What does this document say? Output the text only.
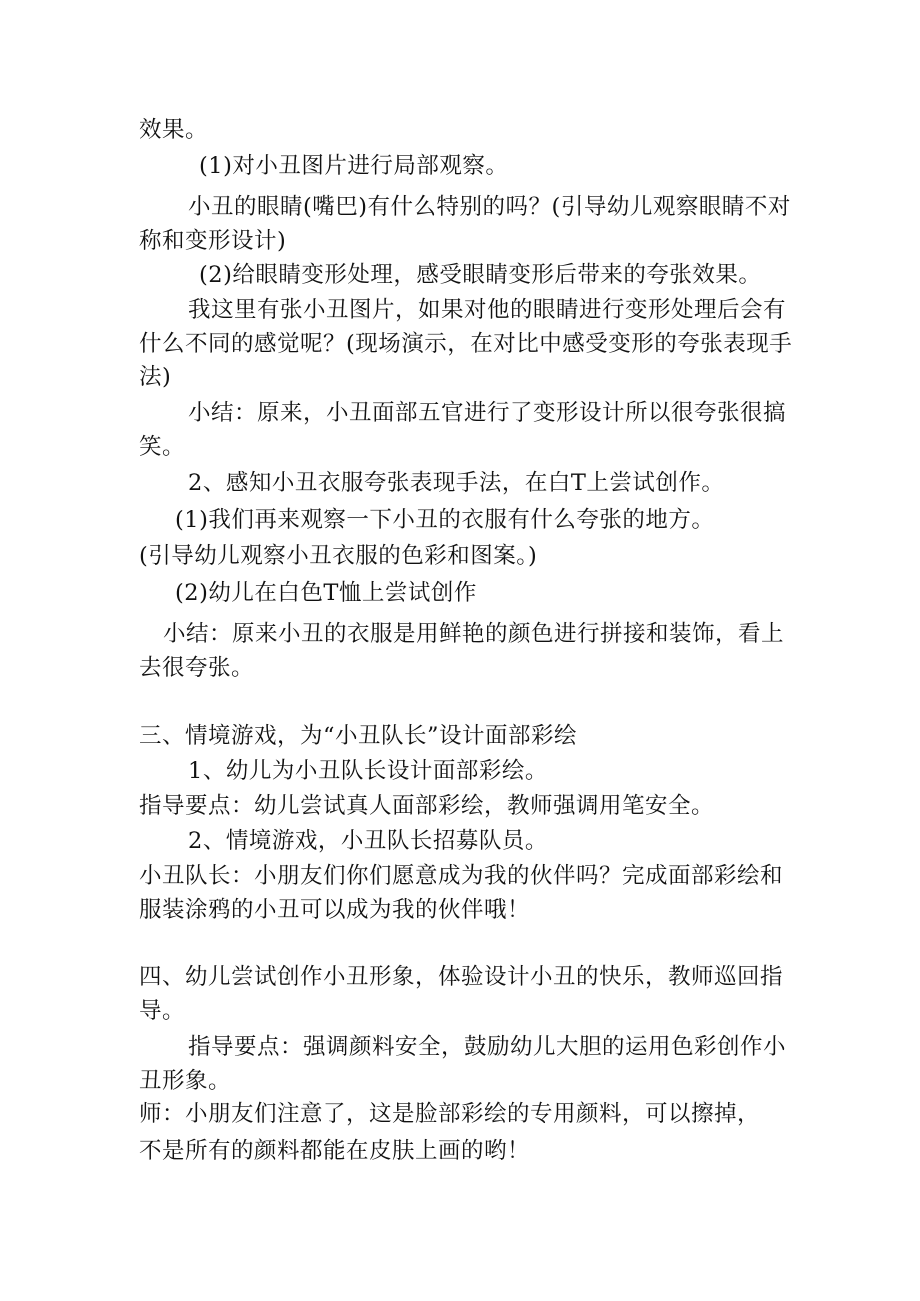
效果。
(1)对小丑图片进行局部观察。
小丑的眼睛(嘴巴)有什么特别的吗？(引导幼儿观察眼睛不对
称和变形设计)
(2)给眼睛变形处理，感受眼睛变形后带来的夸张效果。
我这里有张小丑图片，如果对他的眼睛进行变形处理后会有
什么不同的感觉呢？(现场演示，在对比中感受变形的夸张表现手
法)
小结：原来，小丑面部五官进行了变形设计所以很夸张很搞
笑。
2、感知小丑衣服夸张表现手法，在白T上尝试创作。
(1)我们再来观察一下小丑的衣服有什么夸张的地方。
(引导幼儿观察小丑衣服的色彩和图案。)
(2)幼儿在白色T恤上尝试创作
小结：原来小丑的衣服是用鲜艳的颜色进行拼接和装饰，看上
去很夸张。
三、情境游戏，为“小丑队长”设计面部彩绘
1、幼儿为小丑队长设计面部彩绘。
指导要点：幼儿尝试真人面部彩绘，教师强调用笔安全。
2、情境游戏，小丑队长招募队员。
小丑队长：小朋友们你们愿意成为我的伙伴吗？完成面部彩绘和
服装涂鸦的小丑可以成为我的伙伴哦！
四、幼儿尝试创作小丑形象，体验设计小丑的快乐，教师巡回指
导。
指导要点：强调颜料安全，鼓励幼儿大胆的运用色彩创作小
丑形象。
师：小朋友们注意了，这是脸部彩绘的专用颜料，可以擦掉，
不是所有的颜料都能在皮肤上画的哟！
